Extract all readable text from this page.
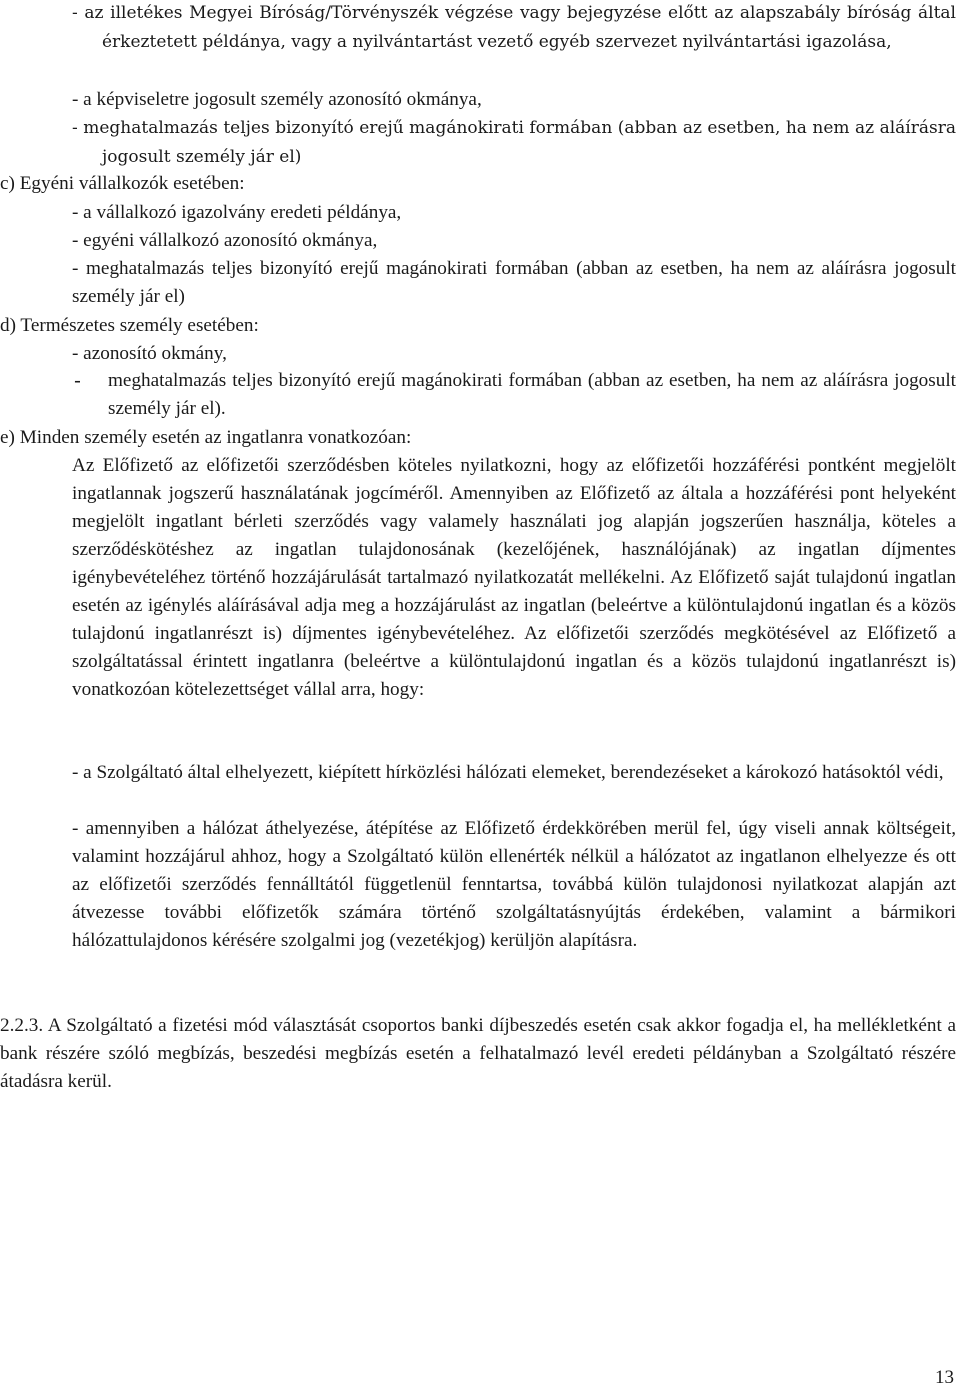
- az illetékes Megyei Bíróság/Törvényszék végzése vagy bejegyzése előtt az alapszabály bíróság által érkeztetett példánya, vagy a nyilvántartást vezető egyéb szervezet nyilvántartási igazolása,

- a képviseletre jogosult személy azonosító okmánya,

- meghatalmazás teljes bizonyító erejű magánokirati formában (abban az esetben, ha nem az aláírásra jogosult személy jár el)

c) Egyéni vállalkozók esetében:

- a vállalkozó igazolvány eredeti példánya,

- egyéni vállalkozó azonosító okmánya,

- meghatalmazás teljes bizonyító erejű magánokirati formában (abban az esetben, ha nem az aláírásra jogosult személy jár el)

d) Természetes személy esetében:

- azonosító okmány,

- meghatalmazás teljes bizonyító erejű magánokirati formában (abban az esetben, ha nem az aláírásra jogosult személy jár el).

e) Minden személy esetén az ingatlanra vonatkozóan:

Az Előfizető az előfizetői szerződésben köteles nyilatkozni, hogy az előfizetői hozzáférési pontként megjelölt ingatlannak jogszerű használatának jogcíméről. Amennyiben az Előfizető az általa a hozzáférési pont helyeként megjelölt ingatlant bérleti szerződés vagy valamely használati jog alapján jogszerűen használja, köteles a szerződéskötéshez az ingatlan tulajdonosának (kezelőjének, használójának) az ingatlan díjmentes igénybevételéhez történő hozzájárulását tartalmazó nyilatkozatát mellékelni. Az Előfizető saját tulajdonú ingatlan esetén az igénylés aláírásával adja meg a hozzájárulást az ingatlan (beleértve a különtulajdonú ingatlan és a közös tulajdonú ingatlanrészt is) díjmentes igénybevételéhez. Az előfizetői szerződés megkötésével az Előfizető a szolgáltatással érintett ingatlanra (beleértve a különtulajdonú ingatlan és a közös tulajdonú ingatlanrészt is) vonatkozóan kötelezettséget vállal arra, hogy:

- a Szolgáltató által elhelyezett, kiépített hírközlési hálózati elemeket, berendezéseket a károkozó hatásoktól védi,

- amennyiben a hálózat áthelyezése, átépítése az Előfizető érdekkörében merül fel, úgy viseli annak költségeit, valamint hozzájárul ahhoz, hogy a Szolgáltató külön ellenérték nélkül a hálózatot az ingatlanon elhelyezze és ott az előfizetői szerződés fennálltától függetlenül fenntartsa, továbbá külön tulajdonosi nyilatkozat alapján azt átvezesse további előfizetők számára történő szolgáltatásnyújtás érdekében, valamint a bármikori hálózattulajdonos kérésére szolgalmi jog (vezetékjog) kerüljön alapításra.

2.2.3. A Szolgáltató a fizetési mód választását csoportos banki díjbeszedés esetén csak akkor fogadja el, ha mellékletként a bank részére szóló megbízás, beszedési megbízás esetén a felhatalmazó levél eredeti példányban a Szolgáltató részére átadásra kerül.

13
